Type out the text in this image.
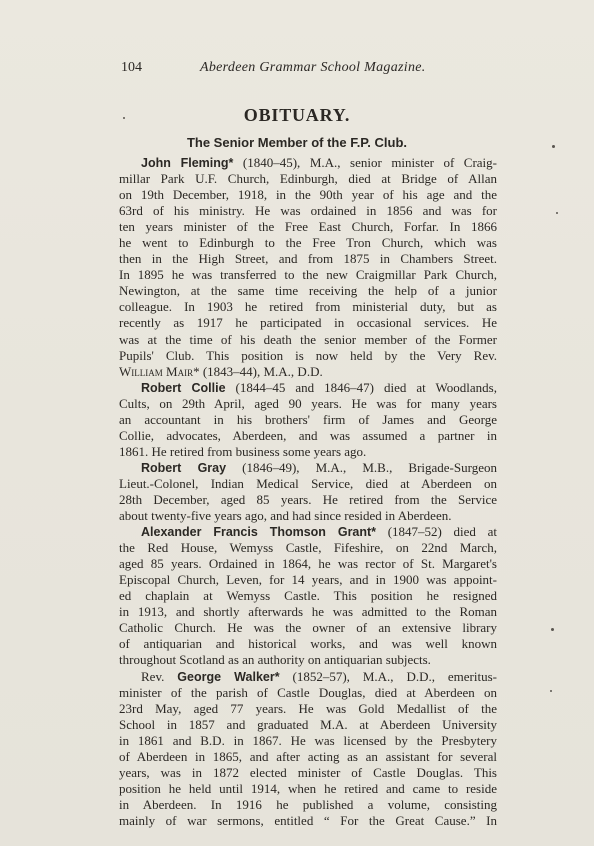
104	Aberdeen Grammar School Magazine.
OBITUARY.
The Senior Member of the F.P. Club.
John Fleming* (1840–45), M.A., senior minister of Craig-
millar Park U.F. Church, Edinburgh, died at Bridge of Allan
on 19th December, 1918, in the 90th year of his age and the
63rd of his ministry. He was ordained in 1856 and was for
ten years minister of the Free East Church, Forfar. In 1866
he went to Edinburgh to the Free Tron Church, which was
then in the High Street, and from 1875 in Chambers Street.
In 1895 he was transferred to the new Craigmillar Park Church,
Newington, at the same time receiving the help of a junior
colleague. In 1903 he retired from ministerial duty, but as
recently as 1917 he participated in occasional services. He
was at the time of his death the senior member of the Former
Pupils' Club. This position is now held by the Very Rev.
William Mair* (1843–44), M.A., D.D.
Robert Collie (1844–45 and 1846–47) died at Woodlands,
Cults, on 29th April, aged 90 years. He was for many years
an accountant in his brothers' firm of James and George
Collie, advocates, Aberdeen, and was assumed a partner in
1861. He retired from business some years ago.
Robert Gray (1846–49), M.A., M.B., Brigade-Surgeon
Lieut.-Colonel, Indian Medical Service, died at Aberdeen on
28th December, aged 85 years. He retired from the Service
about twenty-five years ago, and had since resided in Aberdeen.
Alexander Francis Thomson Grant* (1847–52) died at
the Red House, Wemyss Castle, Fifeshire, on 22nd March,
aged 85 years. Ordained in 1864, he was rector of St. Margaret's
Episcopal Church, Leven, for 14 years, and in 1900 was appoint-
ed chaplain at Wemyss Castle. This position he resigned
in 1913, and shortly afterwards he was admitted to the Roman
Catholic Church. He was the owner of an extensive library
of antiquarian and historical works, and was well known
throughout Scotland as an authority on antiquarian subjects.
Rev. George Walker* (1852–57), M.A., D.D., emeritus-
minister of the parish of Castle Douglas, died at Aberdeen on
23rd May, aged 77 years. He was Gold Medallist of the
School in 1857 and graduated M.A. at Aberdeen University
in 1861 and B.D. in 1867. He was licensed by the Presbytery
of Aberdeen in 1865, and after acting as an assistant for several
years, was in 1872 elected minister of Castle Douglas. This
position he held until 1914, when he retired and came to reside
in Aberdeen. In 1916 he published a volume, consisting
mainly of war sermons, entitled “ For the Great Cause.” In
